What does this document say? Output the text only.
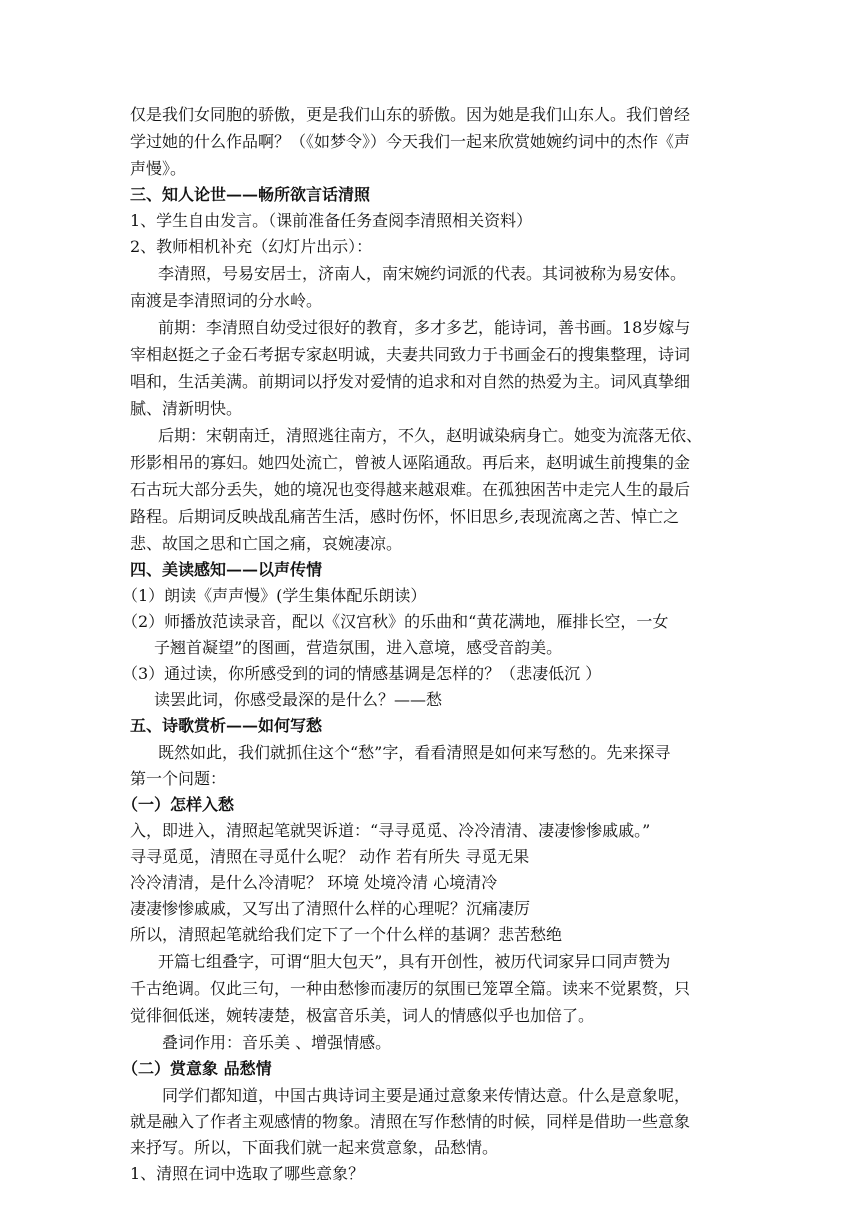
仅是我们女同胞的骄傲，更是我们山东的骄傲。因为她是我们山东人。我们曾经
学过她的什么作品啊？（《如梦令》）今天我们一起来欣赏她婉约词中的杰作《声
声慢》。
三、知人论世——畅所欲言话清照
1、学生自由发言。（课前准备任务查阅李清照相关资料）
2、教师相机补充（幻灯片出示）：
李清照，号易安居士，济南人，南宋婉约词派的代表。其词被称为易安体。
南渡是李清照词的分水岭。
前期：李清照自幼受过很好的教育，多才多艺，能诗词，善书画。18岁嫁与
宰相赵挺之子金石考据专家赵明诚，夫妻共同致力于书画金石的搜集整理，诗词
唱和，生活美满。前期词以抒发对爱情的追求和对自然的热爱为主。词风真挚细
腻、清新明快。
后期：宋朝南迁，清照逃往南方，不久，赵明诚染病身亡。她变为流落无依、
形影相吊的寡妇。她四处流亡，曾被人诬陷通敌。再后来，赵明诚生前搜集的金
石古玩大部分丢失，她的境况也变得越来越艰难。在孤独困苦中走完人生的最后
路程。后期词反映战乱痛苦生活，感时伤怀，怀旧思乡,表现流离之苦、悼亡之
悲、故国之思和亡国之痛，哀婉凄凉。
四、美读感知——以声传情
（1）朗读《声声慢》(学生集体配乐朗读）
（2）师播放范读录音，配以《汉宫秋》的乐曲和“黄花满地，雁排长空，一女
子翘首凝望”的图画，营造氛围，进入意境，感受音韵美。
（3）通过读，你所感受到的词的情感基调是怎样的？（悲凄低沉 ）
读罢此词，你感受最深的是什么？——愁
五、诗歌赏析——如何写愁
既然如此，我们就抓住这个“愁”字，看看清照是如何来写愁的。先来探寻
第一个问题：
（一）怎样入愁
入，即进入，清照起笔就哭诉道：“寻寻觅觅、冷冷清清、凄凄惨惨戚戚。”
寻寻觅觅，清照在寻觅什么呢？ 动作 若有所失 寻觅无果
冷冷清清，是什么冷清呢？ 环境 处境冷清 心境清冷
凄凄惨惨戚戚，又写出了清照什么样的心理呢？沉痛凄厉
所以，清照起笔就给我们定下了一个什么样的基调？悲苦愁绝
开篇七组叠字，可谓“胆大包天”，具有开创性，被历代词家异口同声赞为
千古绝调。仅此三句，一种由愁惨而凄厉的氛围已笼罩全篇。读来不觉累赘，只
觉徘徊低迷，婉转凄楚，极富音乐美，词人的情感似乎也加倍了。
叠词作用：音乐美 、增强情感。
（二）赏意象 品愁情
同学们都知道，中国古典诗词主要是通过意象来传情达意。什么是意象呢，
就是融入了作者主观感情的物象。清照在写作愁情的时候，同样是借助一些意象
来抒写。所以，下面我们就一起来赏意象，品愁情。
1、清照在词中选取了哪些意象？
